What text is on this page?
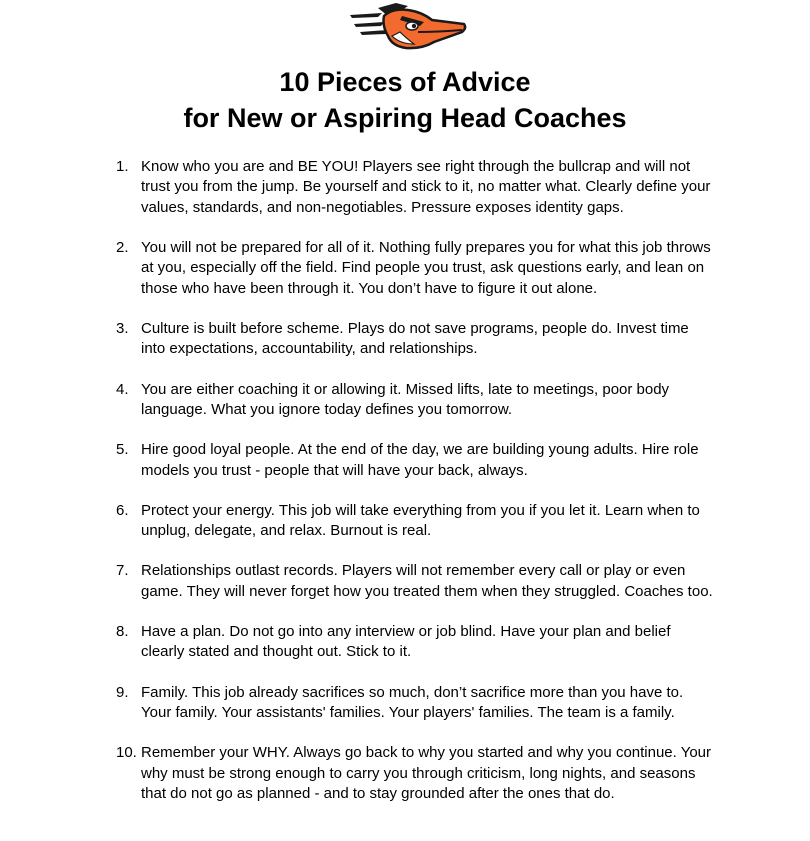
10 Pieces of Advice
for New or Aspiring Head Coaches
1. Know who you are and BE YOU! Players see right through the bullcrap and will not trust you from the jump. Be yourself and stick to it, no matter what. Clearly define your values, standards, and non-negotiables. Pressure exposes identity gaps.
2. You will not be prepared for all of it. Nothing fully prepares you for what this job throws at you, especially off the field. Find people you trust, ask questions early, and lean on those who have been through it. You don’t have to figure it out alone.
3. Culture is built before scheme. Plays do not save programs, people do. Invest time into expectations, accountability, and relationships.
4. You are either coaching it or allowing it. Missed lifts, late to meetings, poor body language. What you ignore today defines you tomorrow.
5. Hire good loyal people. At the end of the day, we are building young adults. Hire role models you trust - people that will have your back, always.
6. Protect your energy. This job will take everything from you if you let it. Learn when to unplug, delegate, and relax. Burnout is real.
7. Relationships outlast records. Players will not remember every call or play or even game. They will never forget how you treated them when they struggled. Coaches too.
8. Have a plan. Do not go into any interview or job blind. Have your plan and belief clearly stated and thought out. Stick to it.
9. Family. This job already sacrifices so much, don’t sacrifice more than you have to. Your family. Your assistants' families. Your players' families. The team is a family.
10. Remember your WHY. Always go back to why you started and why you continue. Your why must be strong enough to carry you through criticism, long nights, and seasons that do not go as planned - and to stay grounded after the ones that do.
